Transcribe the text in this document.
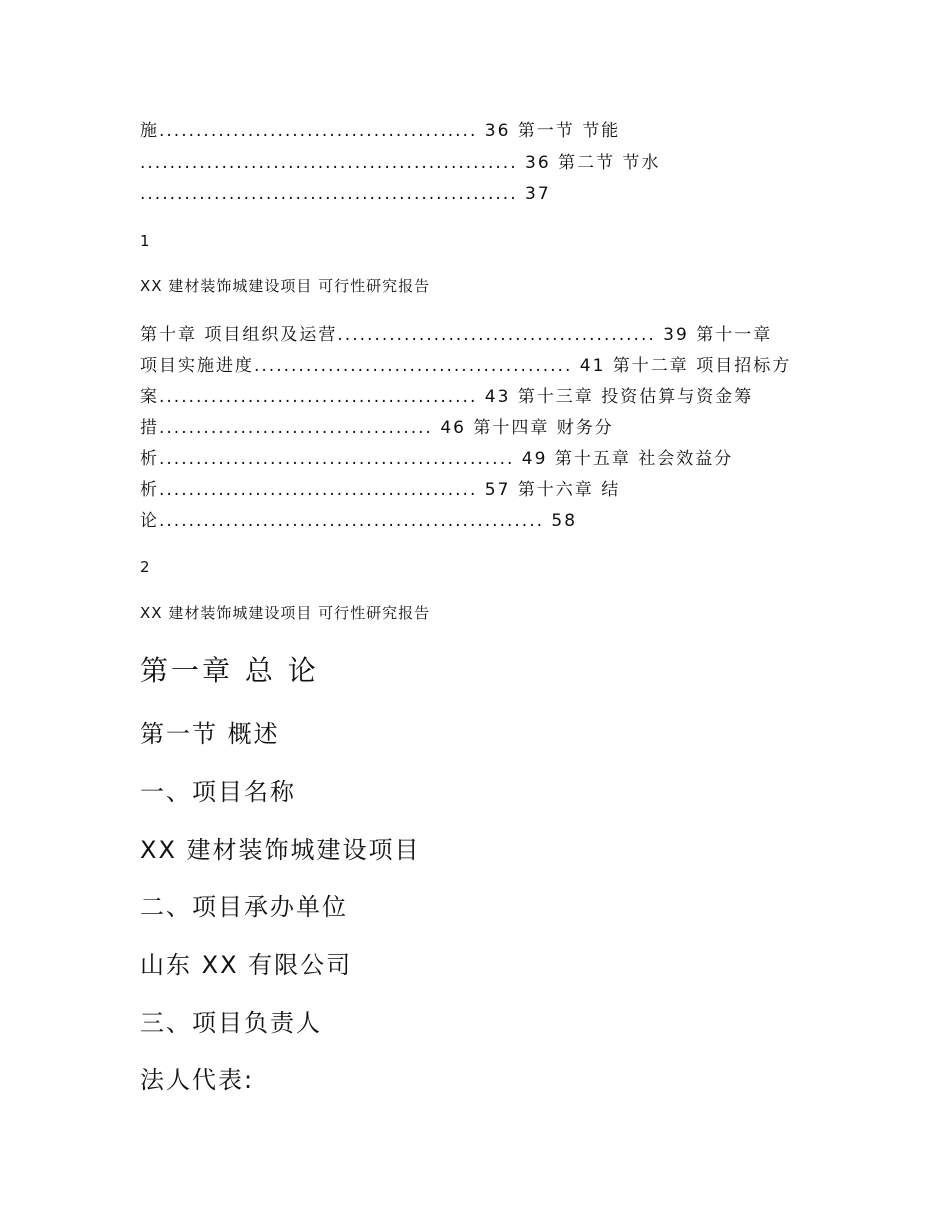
施........................................... 36 第一节 节能
................................................... 36 第二节 节水
................................................... 37
1
XX 建材装饰城建设项目 可行性研究报告
第十章 项目组织及运营........................................... 39 第十一章
项目实施进度........................................... 41 第十二章 项目招标方
案........................................... 43 第十三章 投资估算与资金筹
措..................................... 46 第十四章 财务分
析................................................ 49 第十五章 社会效益分
析........................................... 57 第十六章 结
论.................................................... 58
2
XX 建材装饰城建设项目 可行性研究报告
第一章 总 论
第一节 概述
一、项目名称
XX 建材装饰城建设项目
二、项目承办单位
山东 XX 有限公司
三、项目负责人
法人代表:
